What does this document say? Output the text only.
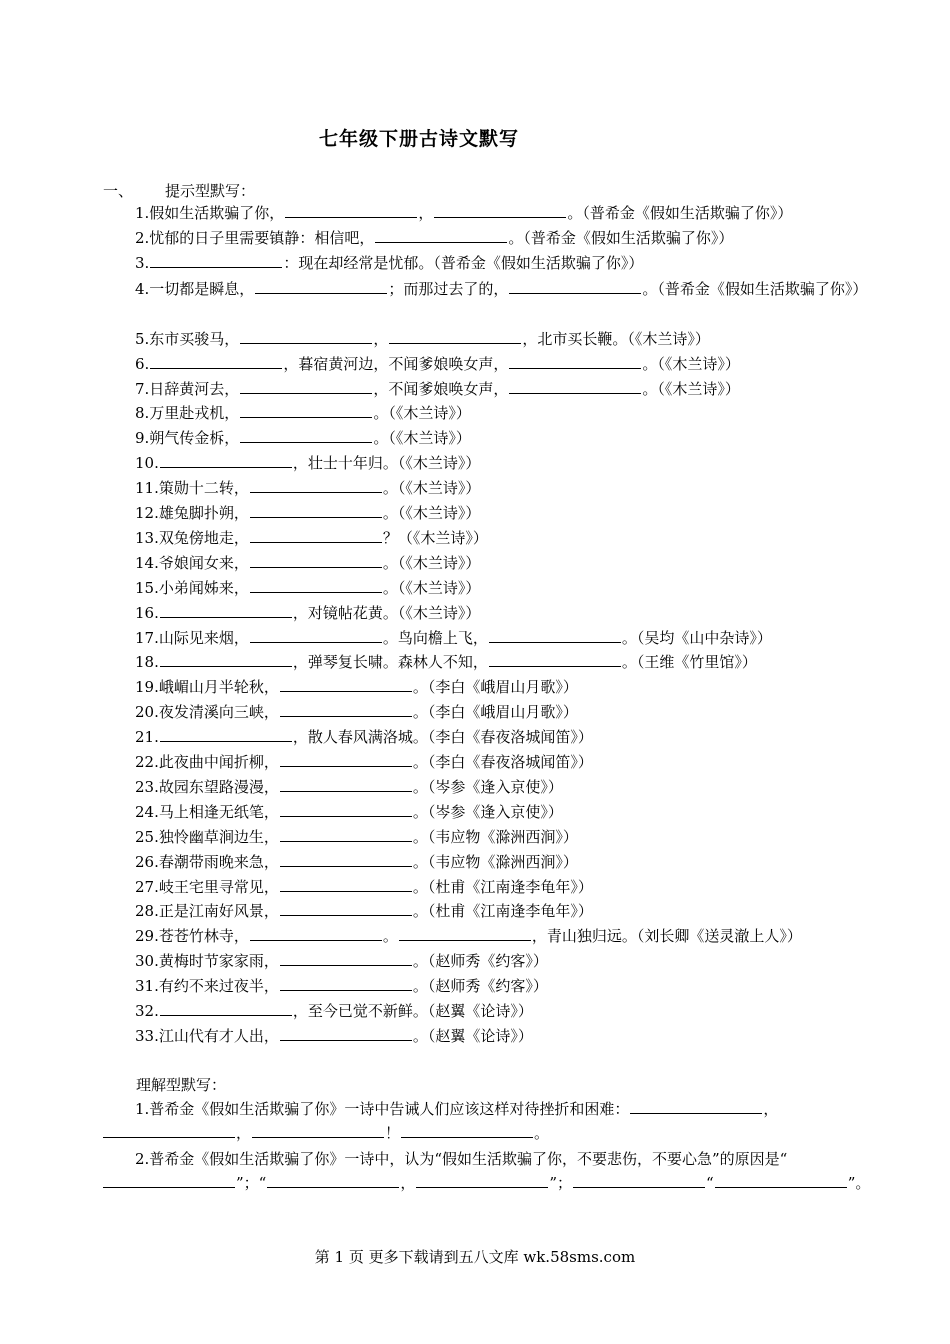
七年级下册古诗文默写
一、 提示型默写：
1.假如生活欺骗了你，	，	。（普希金《假如生活欺骗了你》）
2.忧郁的日子里需要镇静：相信吧，	。（普希金《假如生活欺骗了你》）
3.	：现在却经常是忧郁。（普希金《假如生活欺骗了你》）
4.一切都是瞬息，	；而那过去了的，	。（普希金《假如生活欺骗了你》）
5.东市买骏马，	，	，北市买长鞭。（《木兰诗》）
6.	，暮宿黄河边，不闻爹娘唤女声，	。（《木兰诗》）
7.日辞黄河去，	，不闻爹娘唤女声，	。（《木兰诗》）
8.万里赴戎机，	。（《木兰诗》）
9.朔气传金柝，	。（《木兰诗》）
10.	，壮士十年归。（《木兰诗》）
11.策勋十二转，	。（《木兰诗》）
12.雄兔脚扑朔，	。（《木兰诗》）
13.双兔傍地走，	？（《木兰诗》）
14.爷娘闻女来，	。（《木兰诗》）
15.小弟闻姊来，	。（《木兰诗》）
16.	，对镜帖花黄。（《木兰诗》）
17.山际见来烟，	。鸟向檐上飞，	。（吴均《山中杂诗》）
18.	，弹琴复长啸。森林人不知，	。（王维《竹里馆》）
19.峨嵋山月半轮秋，	。（李白《峨眉山月歌》）
20.夜发清溪向三峡，	。（李白《峨眉山月歌》）
21.	，散人春风满洛城。（李白《春夜洛城闻笛》）
22.此夜曲中闻折柳，	。（李白《春夜洛城闻笛》）
23.故园东望路漫漫，	。（岑参《逢入京使》）
24.马上相逢无纸笔，	。（岑参《逢入京使》）
25.独怜幽草涧边生，	。（韦应物《滁洲西涧》）
26.春潮带雨晚来急，	。（韦应物《滁洲西涧》）
27.岐王宅里寻常见，	。（杜甫《江南逢李龟年》）
28.正是江南好风景，	。（杜甫《江南逢李龟年》）
29.苍苍竹林寺，	。	，青山独归远。（刘长卿《送灵澈上人》）
30.黄梅时节家家雨，	。（赵师秀《约客》）
31.有约不来过夜半，	。（赵师秀《约客》）
32.	，至今已觉不新鲜。（赵翼《论诗》）
33.江山代有才人出，	。（赵翼《论诗》）
理解型默写：
1.普希金《假如生活欺骗了你》一诗中告诫人们应该这样对待挫折和困难：	，，	！	。
2.普希金《假如生活欺骗了你》一诗中，认为“假如生活欺骗了你，不要悲伤，不要心急”的原因是“”；“	，	”；	“	”。
第 1 页 更多下载请到五八文库 wk.58sms.com
